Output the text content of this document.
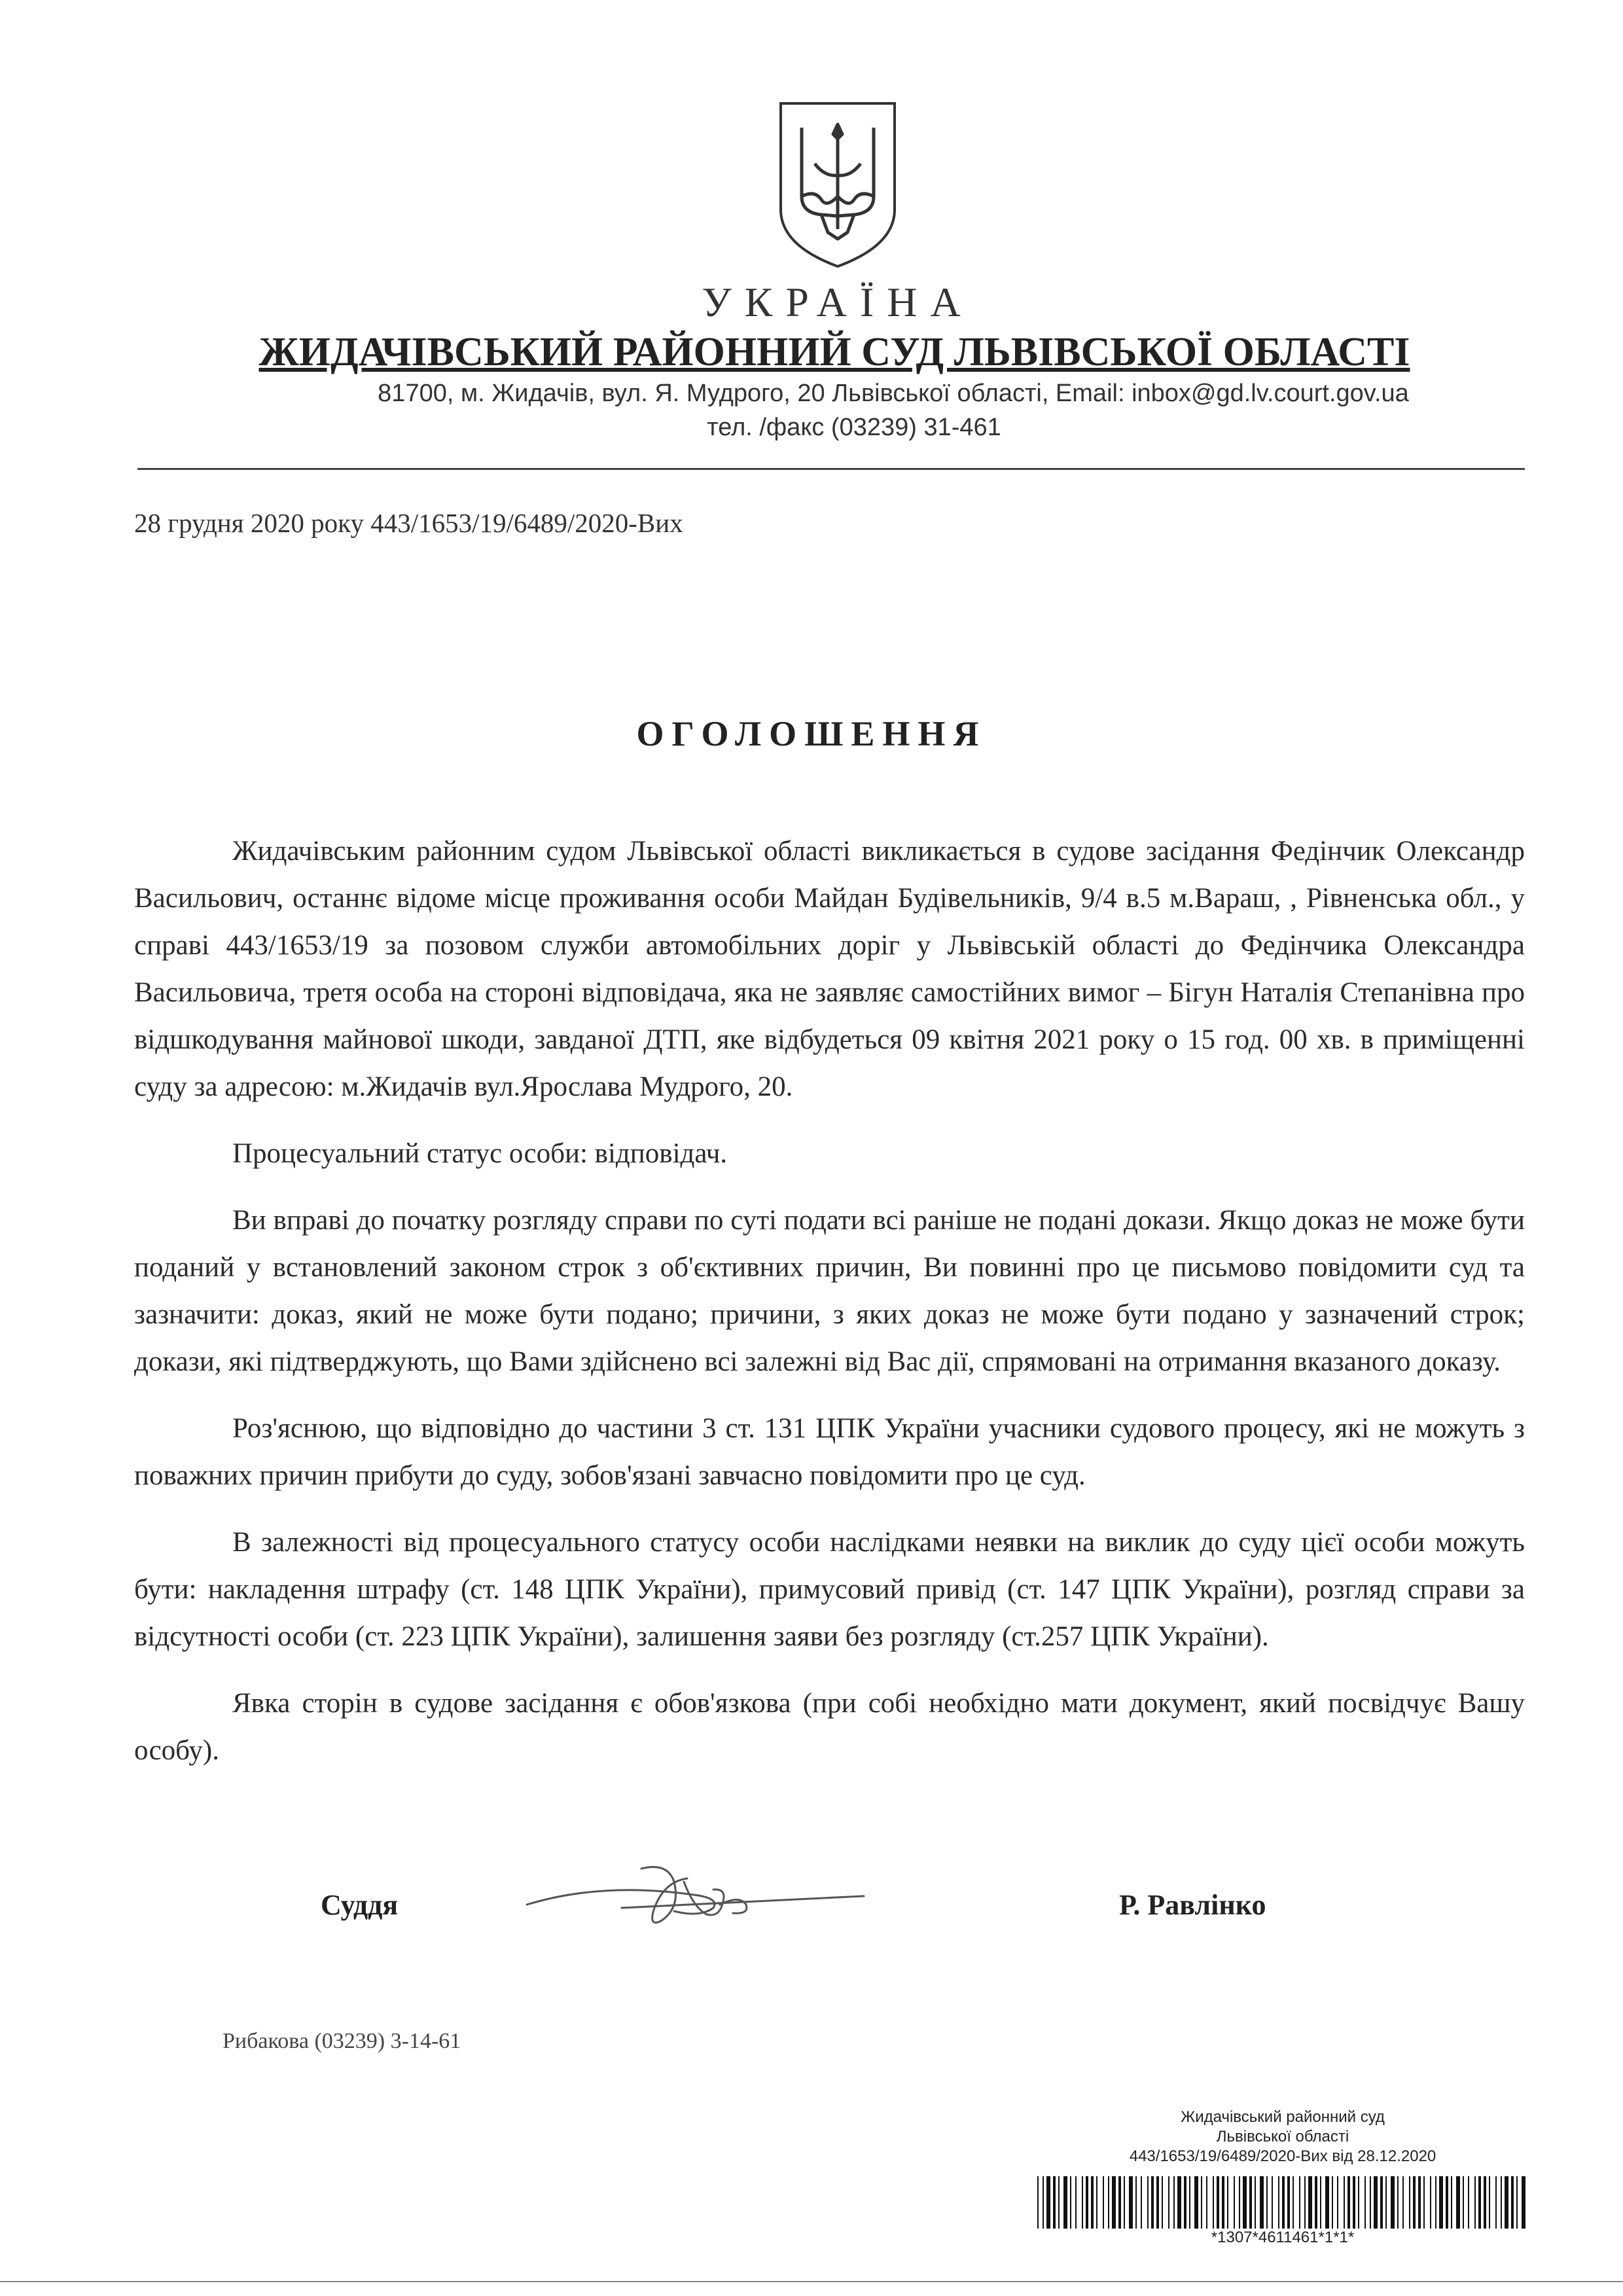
УКРАЇНА
ЖИДАЧІВСЬКИЙ РАЙОННИЙ СУД ЛЬВІВСЬКОЇ ОБЛАСТІ
81700, м. Жидачів, вул. Я. Мудрого, 20 Львівської області, Email: inbox@gd.lv.court.gov.ua
тел. /факс (03239) 31-461
28 грудня 2020 року 443/1653/19/6489/2020-Вих
ОГОЛОШЕННЯ

Жидачівським районним судом Львівської області викликається в судове засідання Федінчик Олександр Васильович, останнє відоме місце проживання особи Майдан Будівельників, 9/4 в.5 м.Вараш, , Рівненська обл., у справі 443/1653/19 за позовом служби автомобільних доріг у Львівській області до Федінчика Олександра Васильовича, третя особа на стороні відповідача, яка не заявляє самостійних вимог – Бігун Наталія Степанівна про відшкодування майнової шкоди, завданої ДТП, яке відбудеться 09 квітня 2021 року о 15 год. 00 хв. в приміщенні суду за адресою: м.Жидачів вул.Ярослава Мудрого, 20.

Процесуальний статус особи: відповідач.

Ви вправі до початку розгляду справи по суті подати всі раніше не подані докази. Якщо доказ не може бути поданий у встановлений законом строк з об'єктивних причин, Ви повинні про це письмово повідомити суд та зазначити: доказ, який не може бути подано; причини, з яких доказ не може бути подано у зазначений строк; докази, які підтверджують, що Вами здійснено всі залежні від Вас дії, спрямовані на отримання вказаного доказу.

Роз'яснюю, що відповідно до частини 3 ст. 131 ЦПК України учасники судового процесу, які не можуть з поважних причин прибути до суду, зобов'язані завчасно повідомити про це суд.

В залежності від процесуального статусу особи наслідками неявки на виклик до суду цієї особи можуть бути: накладення штрафу (ст. 148 ЦПК України), примусовий привід (ст. 147 ЦПК України), розгляд справи за відсутності особи (ст. 223 ЦПК України), залишення заяви без розгляду (ст.257 ЦПК України).

Явка сторін в судове засідання є обов'язкова (при собі необхідно мати документ, який посвідчує Вашу особу).

Суддя	Р. Равлінко
Рибакова (03239) 3-14-61
Жидачівський районний суд
Львівської області
443/1653/19/6489/2020-Вих від 28.12.2020
*1307*4611461*1*1*
